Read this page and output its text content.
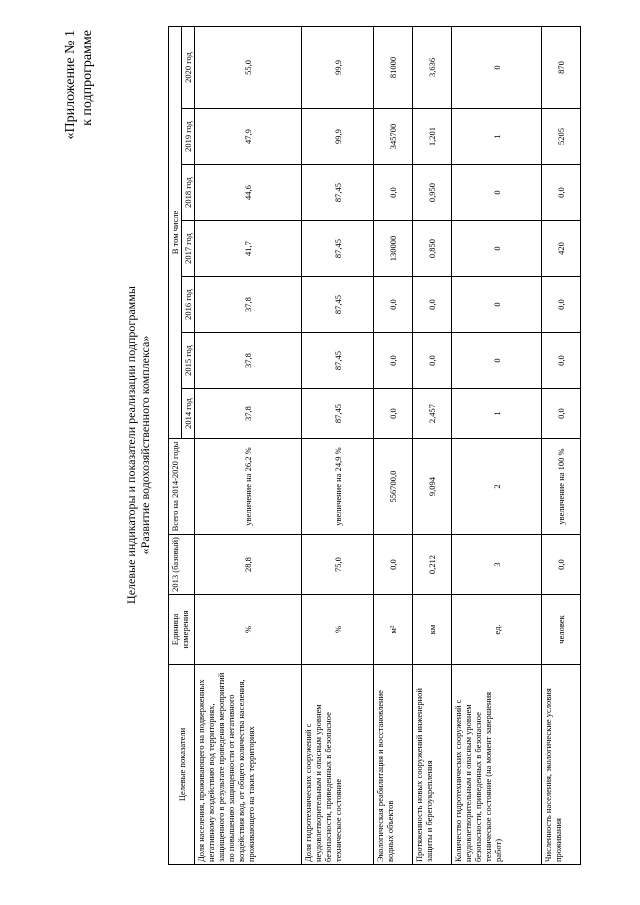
«Приложение № 1 к подпрограмме
Целевые индикаторы и показатели реализации подпрограммы «Развитие водохозяйственного комплекса»
Целевые показатели	Единица измерения	2013 (базовый)	Всего на 2014-2020 годы	В том числе						
				2014 год	2015 год	2016 год	2017 год	2018 год	2019 год	2020 год
Доля населения, проживающего на подверженных негативному воздействию вод территориях, защищенного в результате проведения мероприятий по повышению защищенности от негативного воздействия вод, от общего количества населения, проживающего на таких территориях	%	28,8	увеличение на 26,2 %	37,8	37,8	37,8	41,7	44,6	47,9	55,0
Доля гидротехнических сооружений с неудовлетворительным и опасным уровнем безопасности, приведенных в безопасное техническое состояние	%	75,0	увеличение на 24,9 %	87,45	87,45	87,45	87,45	87,45	99,9	99,9
Экологическая реабилитация и восстановление водных объектов	м²	0,0	556700,0	0,0	0,0	0,0	130000	0,0	345700	81000
Протяженность новых сооружений инженерной защиты и берегоукрепления	км	0,212	9,094	2,457	0,0	0,0	0,850	0,950	1,201	3,636
Количество гидротехнических сооружений с неудовлетворительным и опасным уровнем безопасности, приведенных в безопасное техническое состояние (на момент завершения работ)	ед.	3	2	1	0	0	0	0	1	0
Численность населения, экологические условия проживания	человек	0,0	увеличение на 100 %	0,0	0,0	0,0	420	0,0	5205	870
